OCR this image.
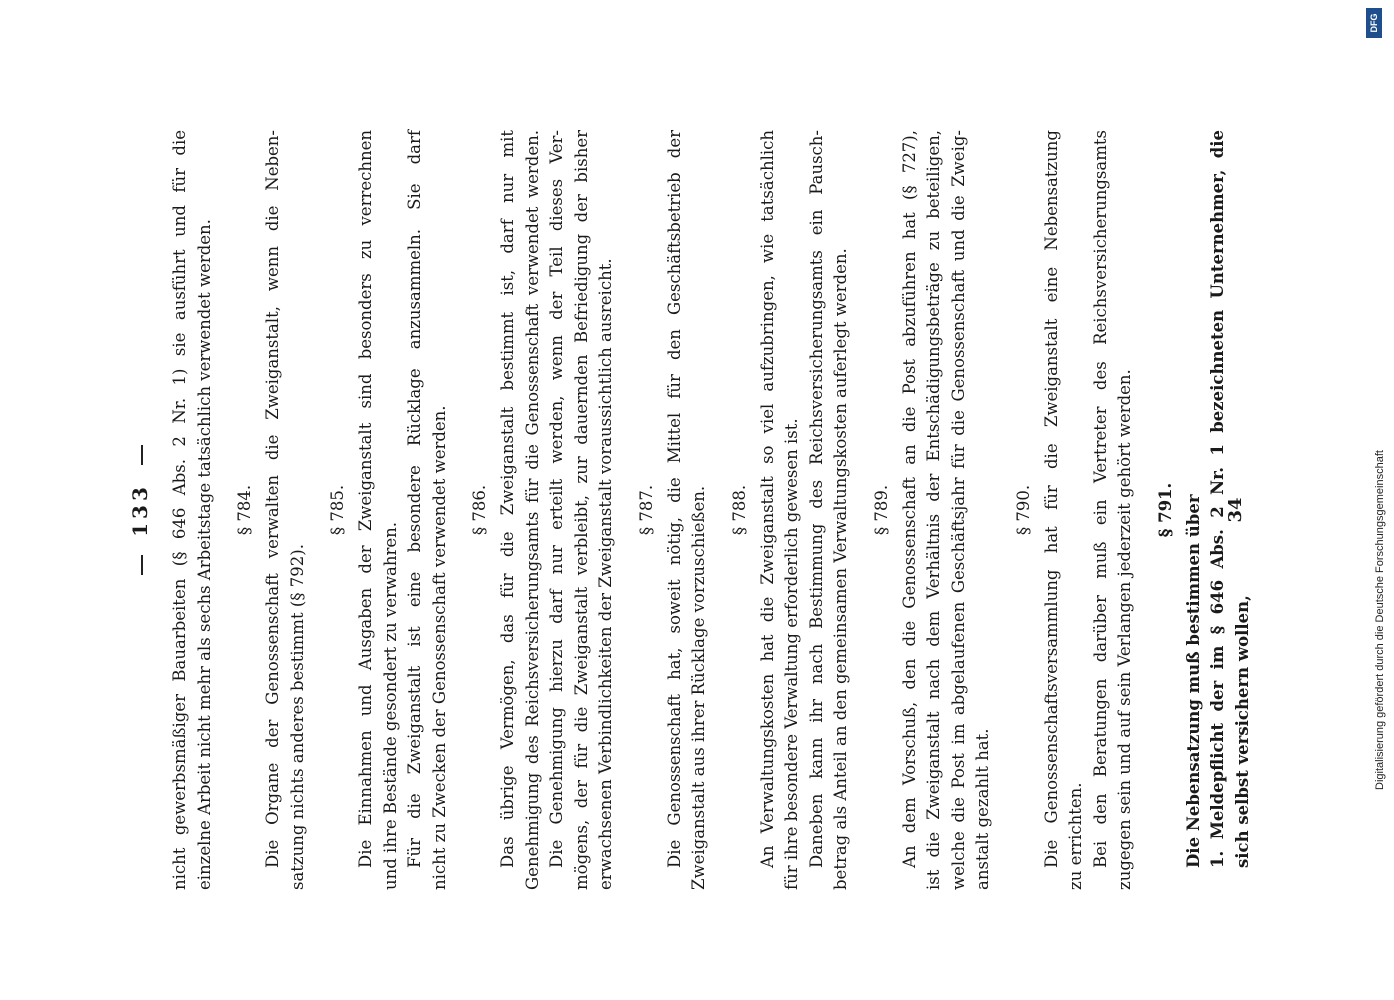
133	34
nicht gewerbsmäßiger Bauarbeiten (§ 646 Abs. 2 Nr. 1) sie ausführt und für die einzelne Arbeit nicht mehr als sechs Arbeitstage tatsächlich verwendet werden. § 784. Die Organe der Genossenschaft verwalten die Zweiganstalt, wenn die Neben- satzung nichts anderes bestimmt (§ 792).
§ 785. Die Einnahmen und Ausgaben der Zweiganstalt sind besonders zu verrechnen und ihre Bestände gesondert zu verwahren. Für die Zweiganstalt ist eine besondere Rücklage anzusammeln. Sie darf nicht zu Zwecken der Genossenschaft verwendet werden. § 786. Das übrige Vermögen, das für die Zweiganstalt bestimmt ist, darf nur mit Genehmigung des Reichsversicherungsamts für die Genossenschaft verwendet werden. Die Genehmigung hierzu darf nur erteilt werden, wenn der Teil dieses Ver- mögens, der für die Zweiganstalt verbleibt, zur dauernden Befriedigung der bisher erwachsenen Verbindlichkeiten der Zweiganstalt voraussichtlich ausreicht. § 787. Die Genossenschaft hat, soweit nötig, die Mittel für den Geschäftsbetrieb der Zweiganstalt aus ihrer Rücklage vorzuschießen. § 788. An Verwaltungskosten hat die Zweiganstalt so viel aufzubringen, wie tatsächlich für ihre besondere Verwaltung erforderlich gewesen ist. Daneben kann ihr nach Bestimmung des Reichsversicherungsamts ein Pausch- betrag als Anteil an den gemeinsamen Verwaltungskosten auferlegt werden. § 789. An dem Vorschuß, den die Genossenschaft an die Post abzuführen hat (§ 727), ist die Zweiganstalt nach dem Verhältnis der Entschädigungsbeträge zu beteiligen, welche die Post im abgelaufenen Geschäftsjahr für die Genossenschaft und die Zweig- anstalt gezahlt hat.
§ 790. Die Genossenschaftsversammlung hat für die Zweiganstalt eine Nebensatzung zu errichten. Bei den Beratungen darüber muß ein Vertreter des Reichsversicherungsamts zugegen sein und auf sein Verlangen jederzeit gehört werden. § 791. Die Nebensatzung muß bestimmen über 1. Meldepflicht der im § 646 Abs. 2 Nr. 1 bezeichneten Unternehmer, die sich selbst versichern wollen,	Digitalisierung gefördert durch die Deutsche Forschungsgemeinschaft
DFG
